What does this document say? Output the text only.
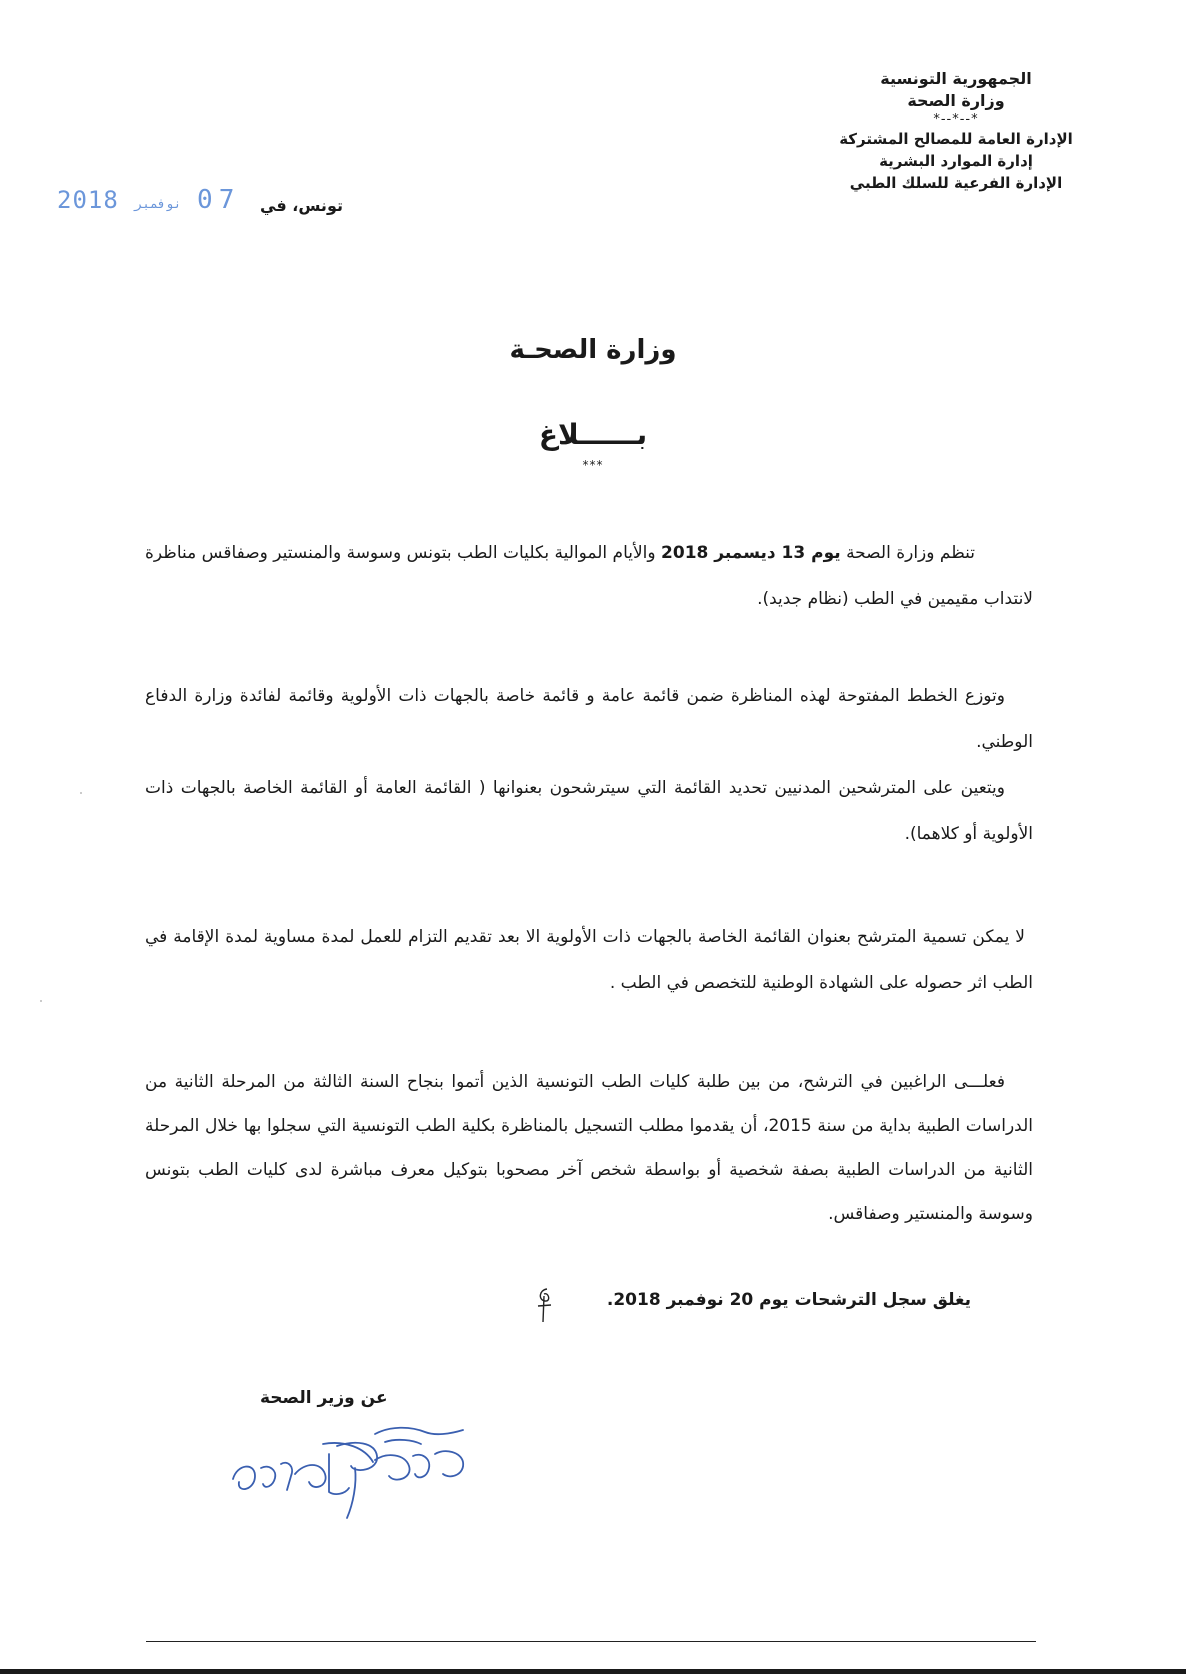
الجمهورية التونسية
وزارة الصحة
*--*--*
الإدارة العامة للمصالح المشتركة
إدارة الموارد البشرية
الإدارة الفرعية للسلك الطبي
تونس، في
2018 نوفمبر 07
وزارة الصحـة
بــــــلاغ
***
تنظم وزارة الصحة يوم 13 ديسمبر 2018 والأيام الموالية بكليات الطب بتونس وسوسة والمنستير وصفاقس مناظرة لانتداب مقيمين في الطب (نظام جديد).
وتوزع الخطط المفتوحة لهذه المناظرة ضمن قائمة عامة و قائمة خاصة بالجهات ذات الأولوية وقائمة لفائدة وزارة الدفاع الوطني.
ويتعين على المترشحين المدنيين تحديد القائمة التي سيترشحون بعنوانها ( القائمة العامة أو القائمة الخاصة بالجهات ذات الأولوية أو كلاهما).
لا يمكن تسمية المترشح بعنوان القائمة الخاصة بالجهات ذات الأولوية الا بعد تقديم التزام للعمل لمدة مساوية لمدة الإقامة في الطب اثر حصوله على الشهادة الوطنية للتخصص في الطب .
فعلـــى الراغبين في الترشح، من بين طلبة كليات الطب التونسية الذين أتموا بنجاح السنة الثالثة من المرحلة الثانية من الدراسات الطبية بداية من سنة 2015، أن يقدموا مطلب التسجيل بالمناظرة بكلية الطب التونسية التي سجلوا بها خلال المرحلة الثانية من الدراسات الطبية بصفة شخصية أو بواسطة شخص آخر مصحوبا بتوكيل معرف مباشرة لدى كليات الطب بتونس وسوسة والمنستير وصفاقس.
يغلق سجل الترشحات يوم 20 نوفمبر 2018.
عن وزير الصحة
